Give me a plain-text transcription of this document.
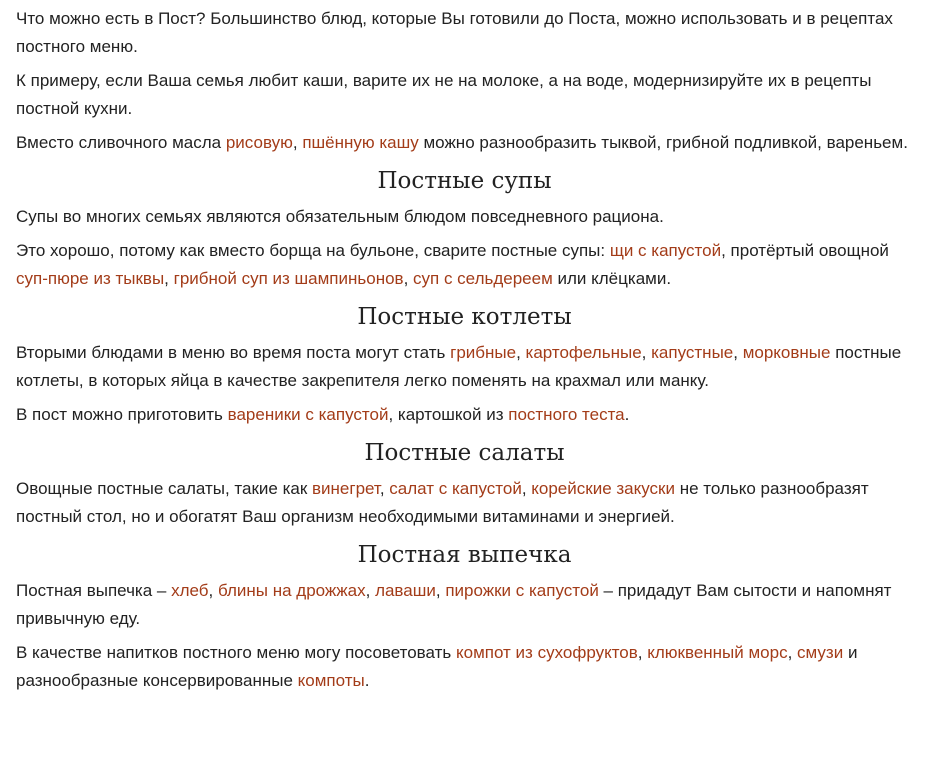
Что можно есть в Пост? Большинство блюд, которые Вы готовили до Поста, можно использовать и в рецептах постного меню.

К примеру, если Ваша семья любит каши, варите их не на молоке, а на воде, модернизируйте их в рецепты постной кухни.

Вместо сливочного масла рисовую, пшённую кашу можно разнообразить тыквой, грибной подливкой, вареньем.

Постные супы

Супы во многих семьях являются обязательным блюдом повседневного рациона.

Это хорошо, потому как вместо борща на бульоне, сварите постные супы: щи с капустой, протёртый овощной суп-пюре из тыквы, грибной суп из шампиньонов, суп с сельдереем или клёцками.

Постные котлеты

Вторыми блюдами в меню во время поста могут стать грибные, картофельные, капустные, морковные постные котлеты, в которых яйца в качестве закрепителя легко поменять на крахмал или манку.

В пост можно приготовить вареники с капустой, картошкой из постного теста.

Постные салаты

Овощные постные салаты, такие как винегрет, салат с капустой, корейские закуски не только разнообразят постный стол, но и обогатят Ваш организм необходимыми витаминами и энергией.

Постная выпечка

Постная выпечка – хлеб, блины на дрожжах, лаваши, пирожки с капустой – придадут Вам сытости и напомнят привычную еду.

В качестве напитков постного меню могу посоветовать компот из сухофруктов, клюквенный морс, смузи и разнообразные консервированные компоты.
